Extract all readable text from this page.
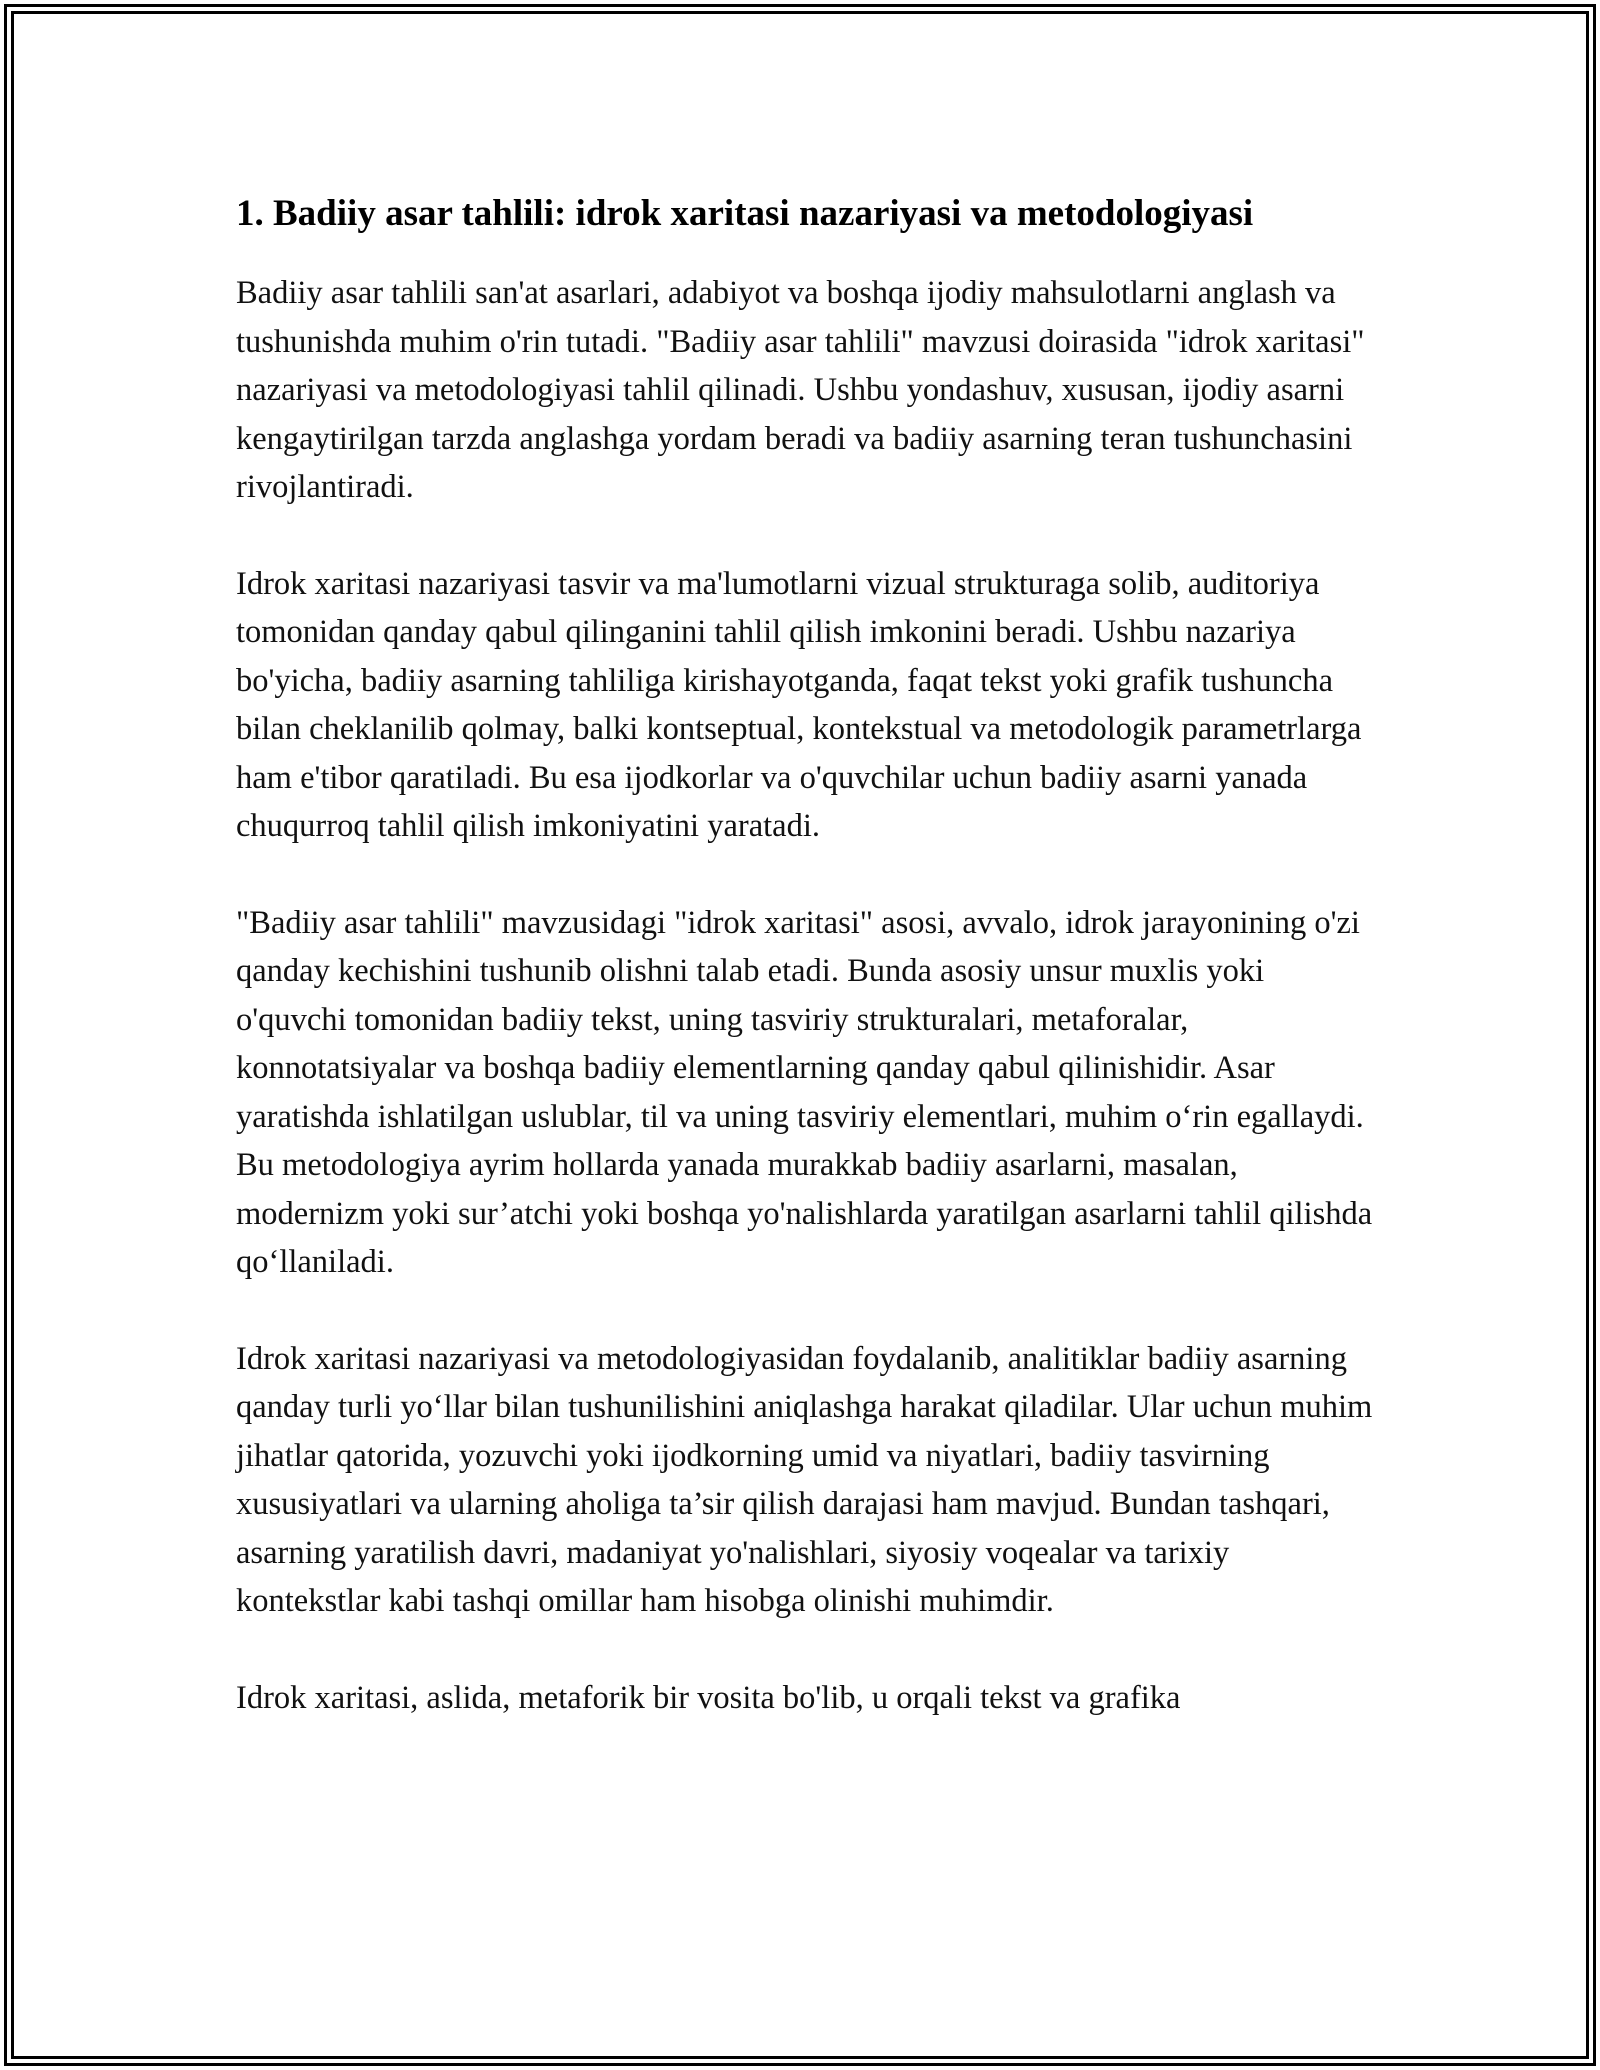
1. Badiiy asar tahlili: idrok xaritasi nazariyasi va metodologiyasi

Badiiy asar tahlili san'at asarlari, adabiyot va boshqa ijodiy mahsulotlarni anglash va tushunishda muhim o'rin tutadi. "Badiiy asar tahlili" mavzusi doirasida "idrok xaritasi" nazariyasi va metodologiyasi tahlil qilinadi. Ushbu yondashuv, xususan, ijodiy asarni kengaytirilgan tarzda anglashga yordam beradi va badiiy asarning teran tushunchasini rivojlantiradi.

Idrok xaritasi nazariyasi tasvir va ma'lumotlarni vizual strukturaga solib, auditoriya tomonidan qanday qabul qilinganini tahlil qilish imkonini beradi. Ushbu nazariya bo'yicha, badiiy asarning tahliliga kirishayotganda, faqat tekst yoki grafik tushuncha bilan cheklanilib qolmay, balki kontseptual, kontekstual va metodologik parametrlarga ham e'tibor qaratiladi. Bu esa ijodkorlar va o'quvchilar uchun badiiy asarni yanada chuqurroq tahlil qilish imkoniyatini yaratadi.

"Badiiy asar tahlili" mavzusidagi "idrok xaritasi" asosi, avvalo, idrok jarayonining o'zi qanday kechishini tushunib olishni talab etadi. Bunda asosiy unsur muxlis yoki o'quvchi tomonidan badiiy tekst, uning tasviriy strukturalari, metaforalar, konnotatsiyalar va boshqa badiiy elementlarning qanday qabul qilinishidir. Asar yaratishda ishlatilgan uslublar, til va uning tasviriy elementlari, muhim o‘rin egallaydi. Bu metodologiya ayrim hollarda yanada murakkab badiiy asarlarni, masalan, modernizm yoki sur’atchi yoki boshqa yo'nalishlarda yaratilgan asarlarni tahlil qilishda qo‘llaniladi.

Idrok xaritasi nazariyasi va metodologiyasidan foydalanib, analitiklar badiiy asarning qanday turli yo‘llar bilan tushunilishini aniqlashga harakat qiladilar. Ular uchun muhim jihatlar qatorida, yozuvchi yoki ijodkorning umid va niyatlari, badiiy tasvirning xususiyatlari va ularning aholiga ta’sir qilish darajasi ham mavjud. Bundan tashqari, asarning yaratilish davri, madaniyat yo'nalishlari, siyosiy voqealar va tarixiy kontekstlar kabi tashqi omillar ham hisobga olinishi muhimdir.

Idrok xaritasi, aslida, metaforik bir vosita bo'lib, u orqali tekst va grafika
